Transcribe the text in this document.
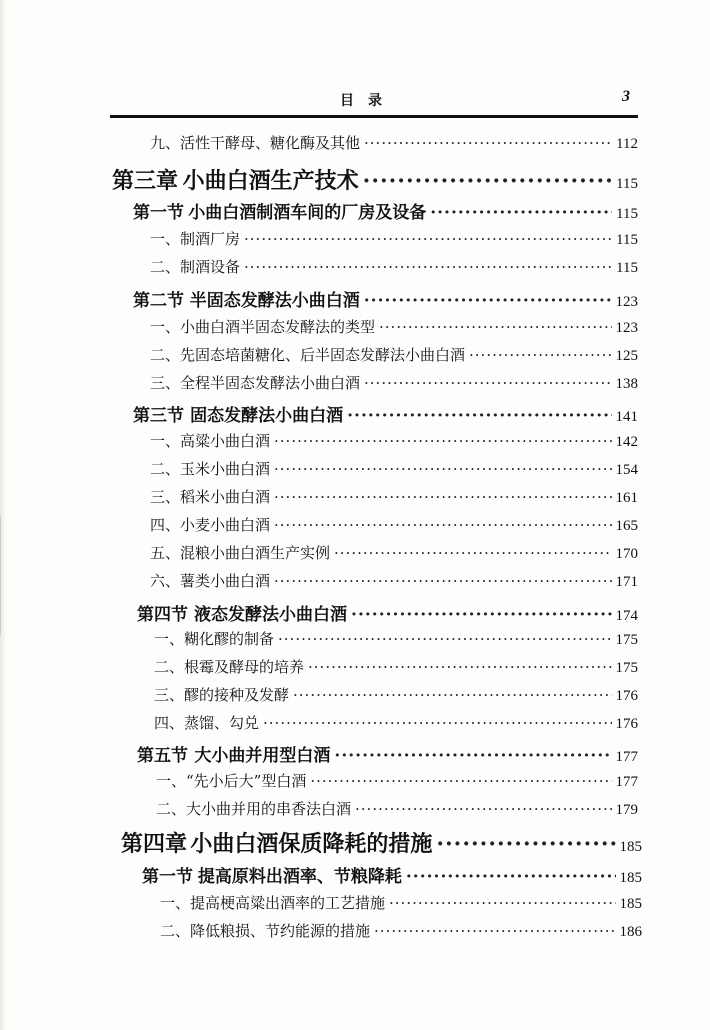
目　录	3
九、活性干酵母、糖化酶及其他 ·····	112
第三章 小曲白酒生产技术 ·····	115
第一节 小曲白酒制酒车间的厂房及设备 ·····	115
一、制酒厂房 ·····	115
二、制酒设备 ·····	115
第二节 半固态发酵法小曲白酒 ·····	123
一、小曲白酒半固态发酵法的类型 ·····	123
二、先固态培菌糖化、后半固态发酵法小曲白酒 ·····	125
三、全程半固态发酵法小曲白酒 ·····	138
第三节 固态发酵法小曲白酒 ·····	141
一、高粱小曲白酒 ·····	142
二、玉米小曲白酒 ·····	154
三、稻米小曲白酒 ·····	161
四、小麦小曲白酒 ·····	165
五、混粮小曲白酒生产实例 ·····	170
六、薯类小曲白酒 ·····	171
第四节 液态发酵法小曲白酒 ·····	174
一、糊化醪的制备 ·····	175
二、根霉及酵母的培养 ·····	175
三、醪的接种及发酵 ·····	176
四、蒸馏、勾兑 ·····	176
第五节 大小曲并用型白酒 ·····	177
一、“先小后大”型白酒 ·····	177
二、大小曲并用的串香法白酒 ·····	179
第四章 小曲白酒保质降耗的措施 ·····	185
第一节 提高原料出酒率、节粮降耗 ·····	185
一、提高梗高粱出酒率的工艺措施 ·····	185
二、降低粮损、节约能源的措施 ·····	186
